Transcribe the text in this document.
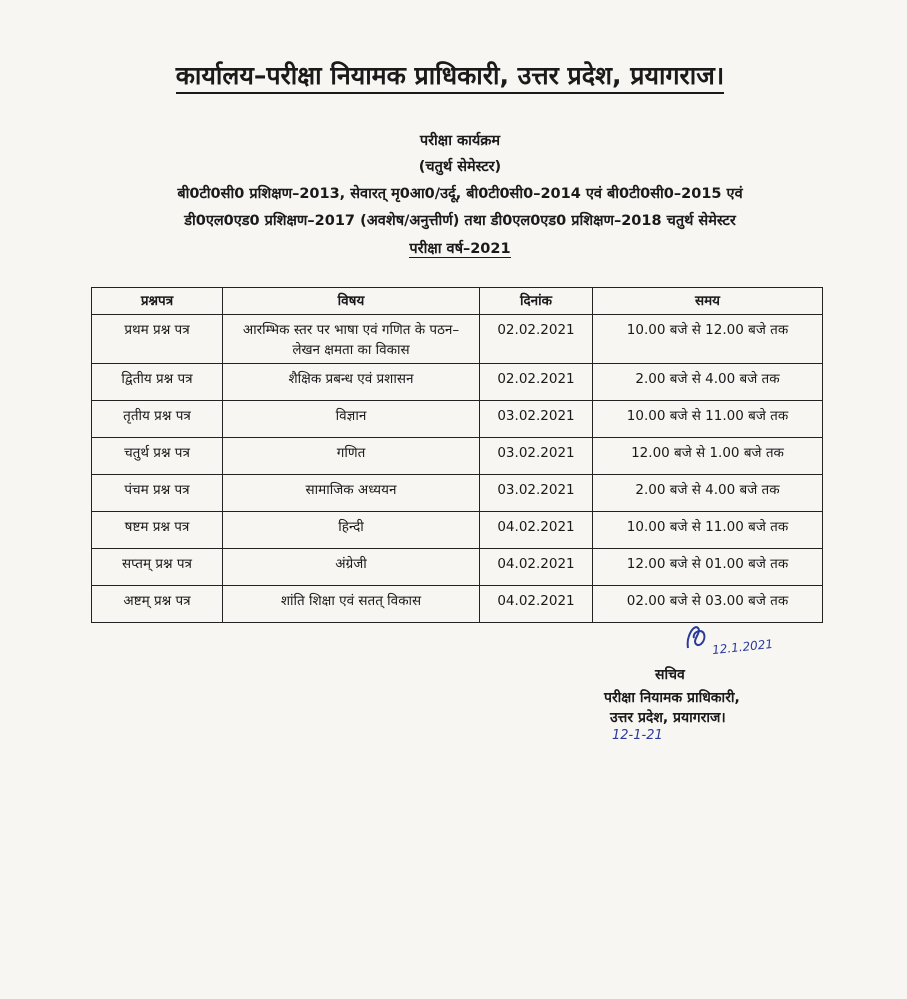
कार्यालय–परीक्षा नियामक प्राधिकारी, उत्तर प्रदेश, प्रयागराज।
परीक्षा कार्यक्रम
(चतुर्थ सेमेस्टर)
बी0टी0सी0 प्रशिक्षण–2013, सेवारत् मृ0आ0/उर्दू, बी0टी0सी0–2014 एवं बी0टी0सी0–2015 एवं
डी0एल0एड0 प्रशिक्षण–2017 (अवशेष/अनुत्तीर्ण) तथा डी0एल0एड0 प्रशिक्षण–2018 चतुर्थ सेमेस्टर
परीक्षा वर्ष–2021
प्रश्नपत्र	विषय	दिनांक	समय
प्रथम प्रश्न पत्र	आरम्भिक स्तर पर भाषा एवं गणित के पठन–लेखन क्षमता का विकास	02.02.2021	10.00 बजे से 12.00 बजे तक
द्वितीय प्रश्न पत्र	शैक्षिक प्रबन्ध एवं प्रशासन	02.02.2021	2.00 बजे से 4.00 बजे तक
तृतीय प्रश्न पत्र	विज्ञान	03.02.2021	10.00 बजे से 11.00 बजे तक
चतुर्थ प्रश्न पत्र	गणित	03.02.2021	12.00 बजे से 1.00 बजे तक
पंचम प्रश्न पत्र	सामाजिक अध्ययन	03.02.2021	2.00 बजे से 4.00 बजे तक
षष्टम प्रश्न पत्र	हिन्दी	04.02.2021	10.00 बजे से 11.00 बजे तक
सप्तम् प्रश्न पत्र	अंग्रेजी	04.02.2021	12.00 बजे से 01.00 बजे तक
अष्टम् प्रश्न पत्र	शांति शिक्षा एवं सतत् विकास	04.02.2021	02.00 बजे से 03.00 बजे तक
12.1.2021
सचिव
परीक्षा नियामक प्राधिकारी,
उत्तर प्रदेश, प्रयागराज।
12-1-21
